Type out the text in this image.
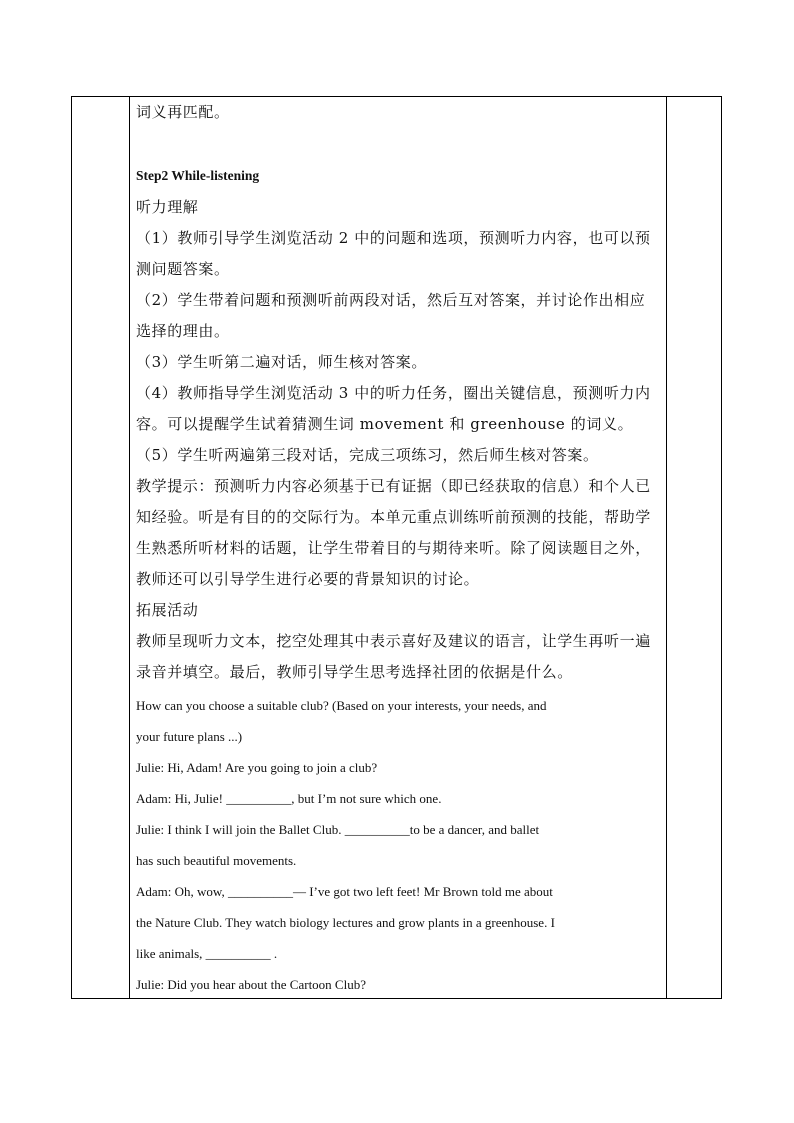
词义再匹配。
Step2 While-listening
听力理解
（1）教师引导学生浏览活动 2 中的问题和选项，预测听力内容，也可以预
测问题答案。
（2）学生带着问题和预测听前两段对话，然后互对答案，并讨论作出相应
选择的理由。
（3）学生听第二遍对话，师生核对答案。
（4）教师指导学生浏览活动 3 中的听力任务，圈出关键信息，预测听力内
容。可以提醒学生试着猜测生词 movement 和 greenhouse 的词义。
（5）学生听两遍第三段对话，完成三项练习，然后师生核对答案。
教学提示：预测听力内容必须基于已有证据（即已经获取的信息）和个人已
知经验。听是有目的的交际行为。本单元重点训练听前预测的技能，帮助学
生熟悉所听材料的话题，让学生带着目的与期待来听。除了阅读题目之外，
教师还可以引导学生进行必要的背景知识的讨论。
拓展活动
教师呈现听力文本，挖空处理其中表示喜好及建议的语言，让学生再听一遍
录音并填空。最后，教师引导学生思考选择社团的依据是什么。
How can you choose a suitable club? (Based on your interests, your needs, and
your future plans ...)
Julie: Hi, Adam! Are you going to join a club?
Adam: Hi, Julie! __________, but I’m not sure which one.
Julie: I think I will join the Ballet Club. __________to be a dancer, and ballet
has such beautiful movements.
Adam: Oh, wow, __________— I’ve got two left feet! Mr Brown told me about
the Nature Club. They watch biology lectures and grow plants in a greenhouse. I
like animals, __________ .
Julie: Did you hear about the Cartoon Club?
